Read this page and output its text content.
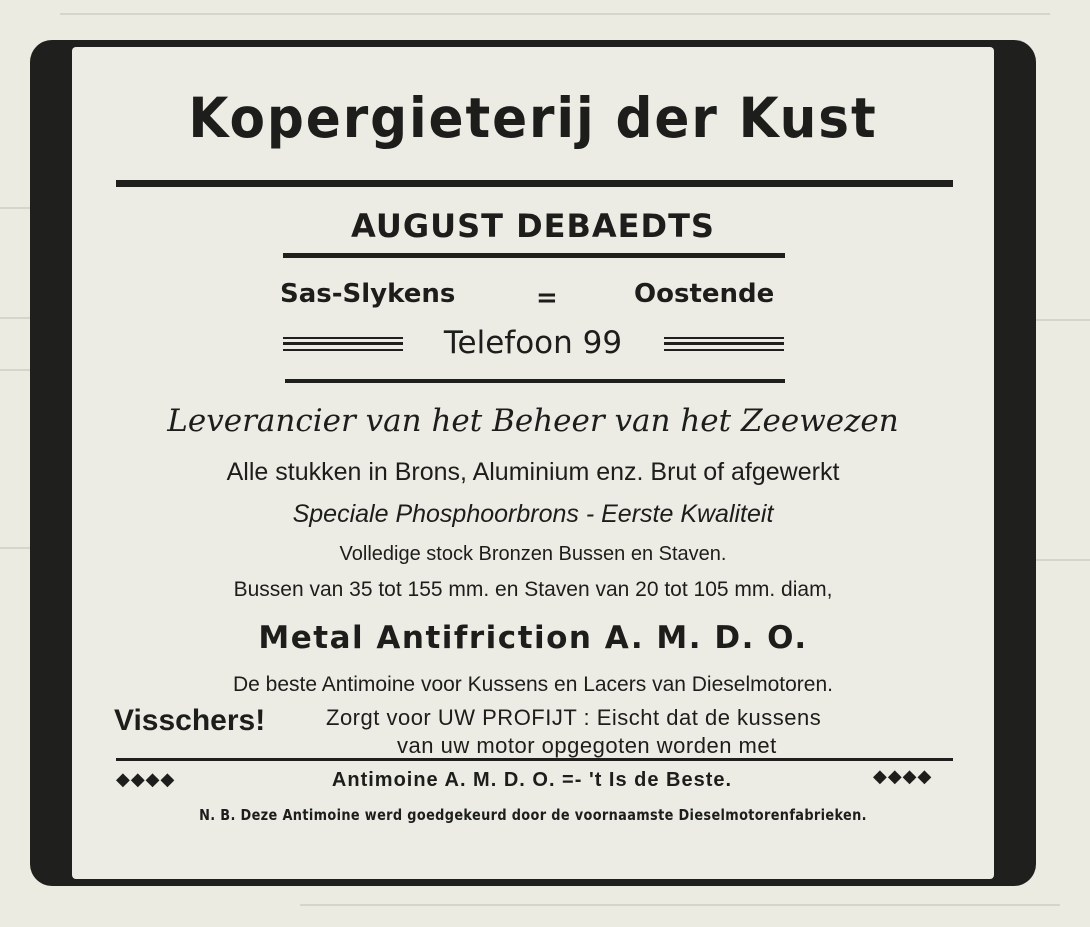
Kopergieterij der Kust
AUGUST DEBAEDTS
Sas-Slykens	=	Oostende
Telefoon 99
Leverancier van het Beheer van het Zeewezen
Alle stukken in Brons, Aluminium enz. Brut of afgewerkt
Speciale Phosphoorbrons - Eerste Kwaliteit
Volledige stock Bronzen Bussen en Staven.
Bussen van 35 tot 155 mm. en Staven van 20 tot 105 mm. diam,
Metal Antifriction A. M. D. O.
De beste Antimoine voor Kussens en Lacers van Dieselmotoren.
Visschers!	Zorgt voor UW PROFIJT : Eischt dat de kussens
van uw motor opgegoten worden met
◆◆◆◆	Antimoine A. M. D. O. =- 't Is de Beste.	◆◆◆◆
N. B. Deze Antimoine werd goedgekeurd door de voornaamste Dieselmotorenfabrieken.
